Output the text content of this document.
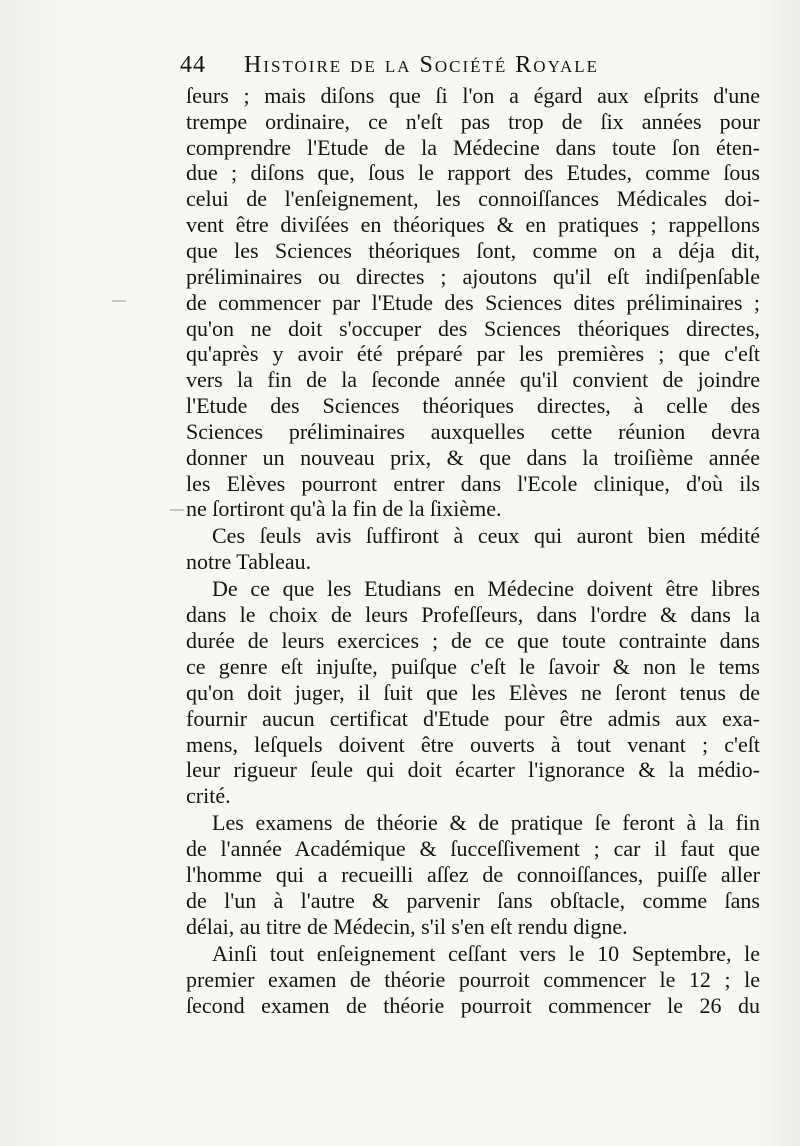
44 Histoire de la Société Royale
ſeurs ; mais diſons que ſi l'on a égard aux eſprits d'une
trempe ordinaire, ce n'eſt pas trop de ſix années pour
comprendre l'Etude de la Médecine dans toute ſon éten-
due ; diſons que, ſous le rapport des Etudes, comme ſous
celui de l'enſeignement, les connoiſſances Médicales doi-
vent être diviſées en théoriques & en pratiques ; rappellons
que les Sciences théoriques ſont, comme on a déja dit,
préliminaires ou directes ; ajoutons qu'il eſt indiſpenſable
de commencer par l'Etude des Sciences dites préliminaires ;
qu'on ne doit s'occuper des Sciences théoriques directes,
qu'après y avoir été préparé par les premières ; que c'eſt
vers la fin de la ſeconde année qu'il convient de joindre
l'Etude des Sciences théoriques directes, à celle des
Sciences préliminaires auxquelles cette réunion devra
donner un nouveau prix, & que dans la troiſième année
les Elèves pourront entrer dans l'Ecole clinique, d'où ils
ne ſortiront qu'à la fin de la ſixième.
Ces ſeuls avis ſuffiront à ceux qui auront bien médité
notre Tableau.
De ce que les Etudians en Médecine doivent être libres
dans le choix de leurs Profeſſeurs, dans l'ordre & dans la
durée de leurs exercices ; de ce que toute contrainte dans
ce genre eſt injuſte, puiſque c'eſt le ſavoir & non le tems
qu'on doit juger, il ſuit que les Elèves ne ſeront tenus de
fournir aucun certificat d'Etude pour être admis aux exa-
mens, leſquels doivent être ouverts à tout venant ; c'eſt
leur rigueur ſeule qui doit écarter l'ignorance & la médio-
crité.
Les examens de théorie & de pratique ſe feront à la fin
de l'année Académique & ſucceſſivement ; car il faut que
l'homme qui a recueilli aſſez de connoiſſances, puiſſe aller
de l'un à l'autre & parvenir ſans obſtacle, comme ſans
délai, au titre de Médecin, s'il s'en eſt rendu digne.
Ainſi tout enſeignement ceſſant vers le 10 Septembre, le
premier examen de théorie pourroit commencer le 12 ; le
ſecond examen de théorie pourroit commencer le 26 du
